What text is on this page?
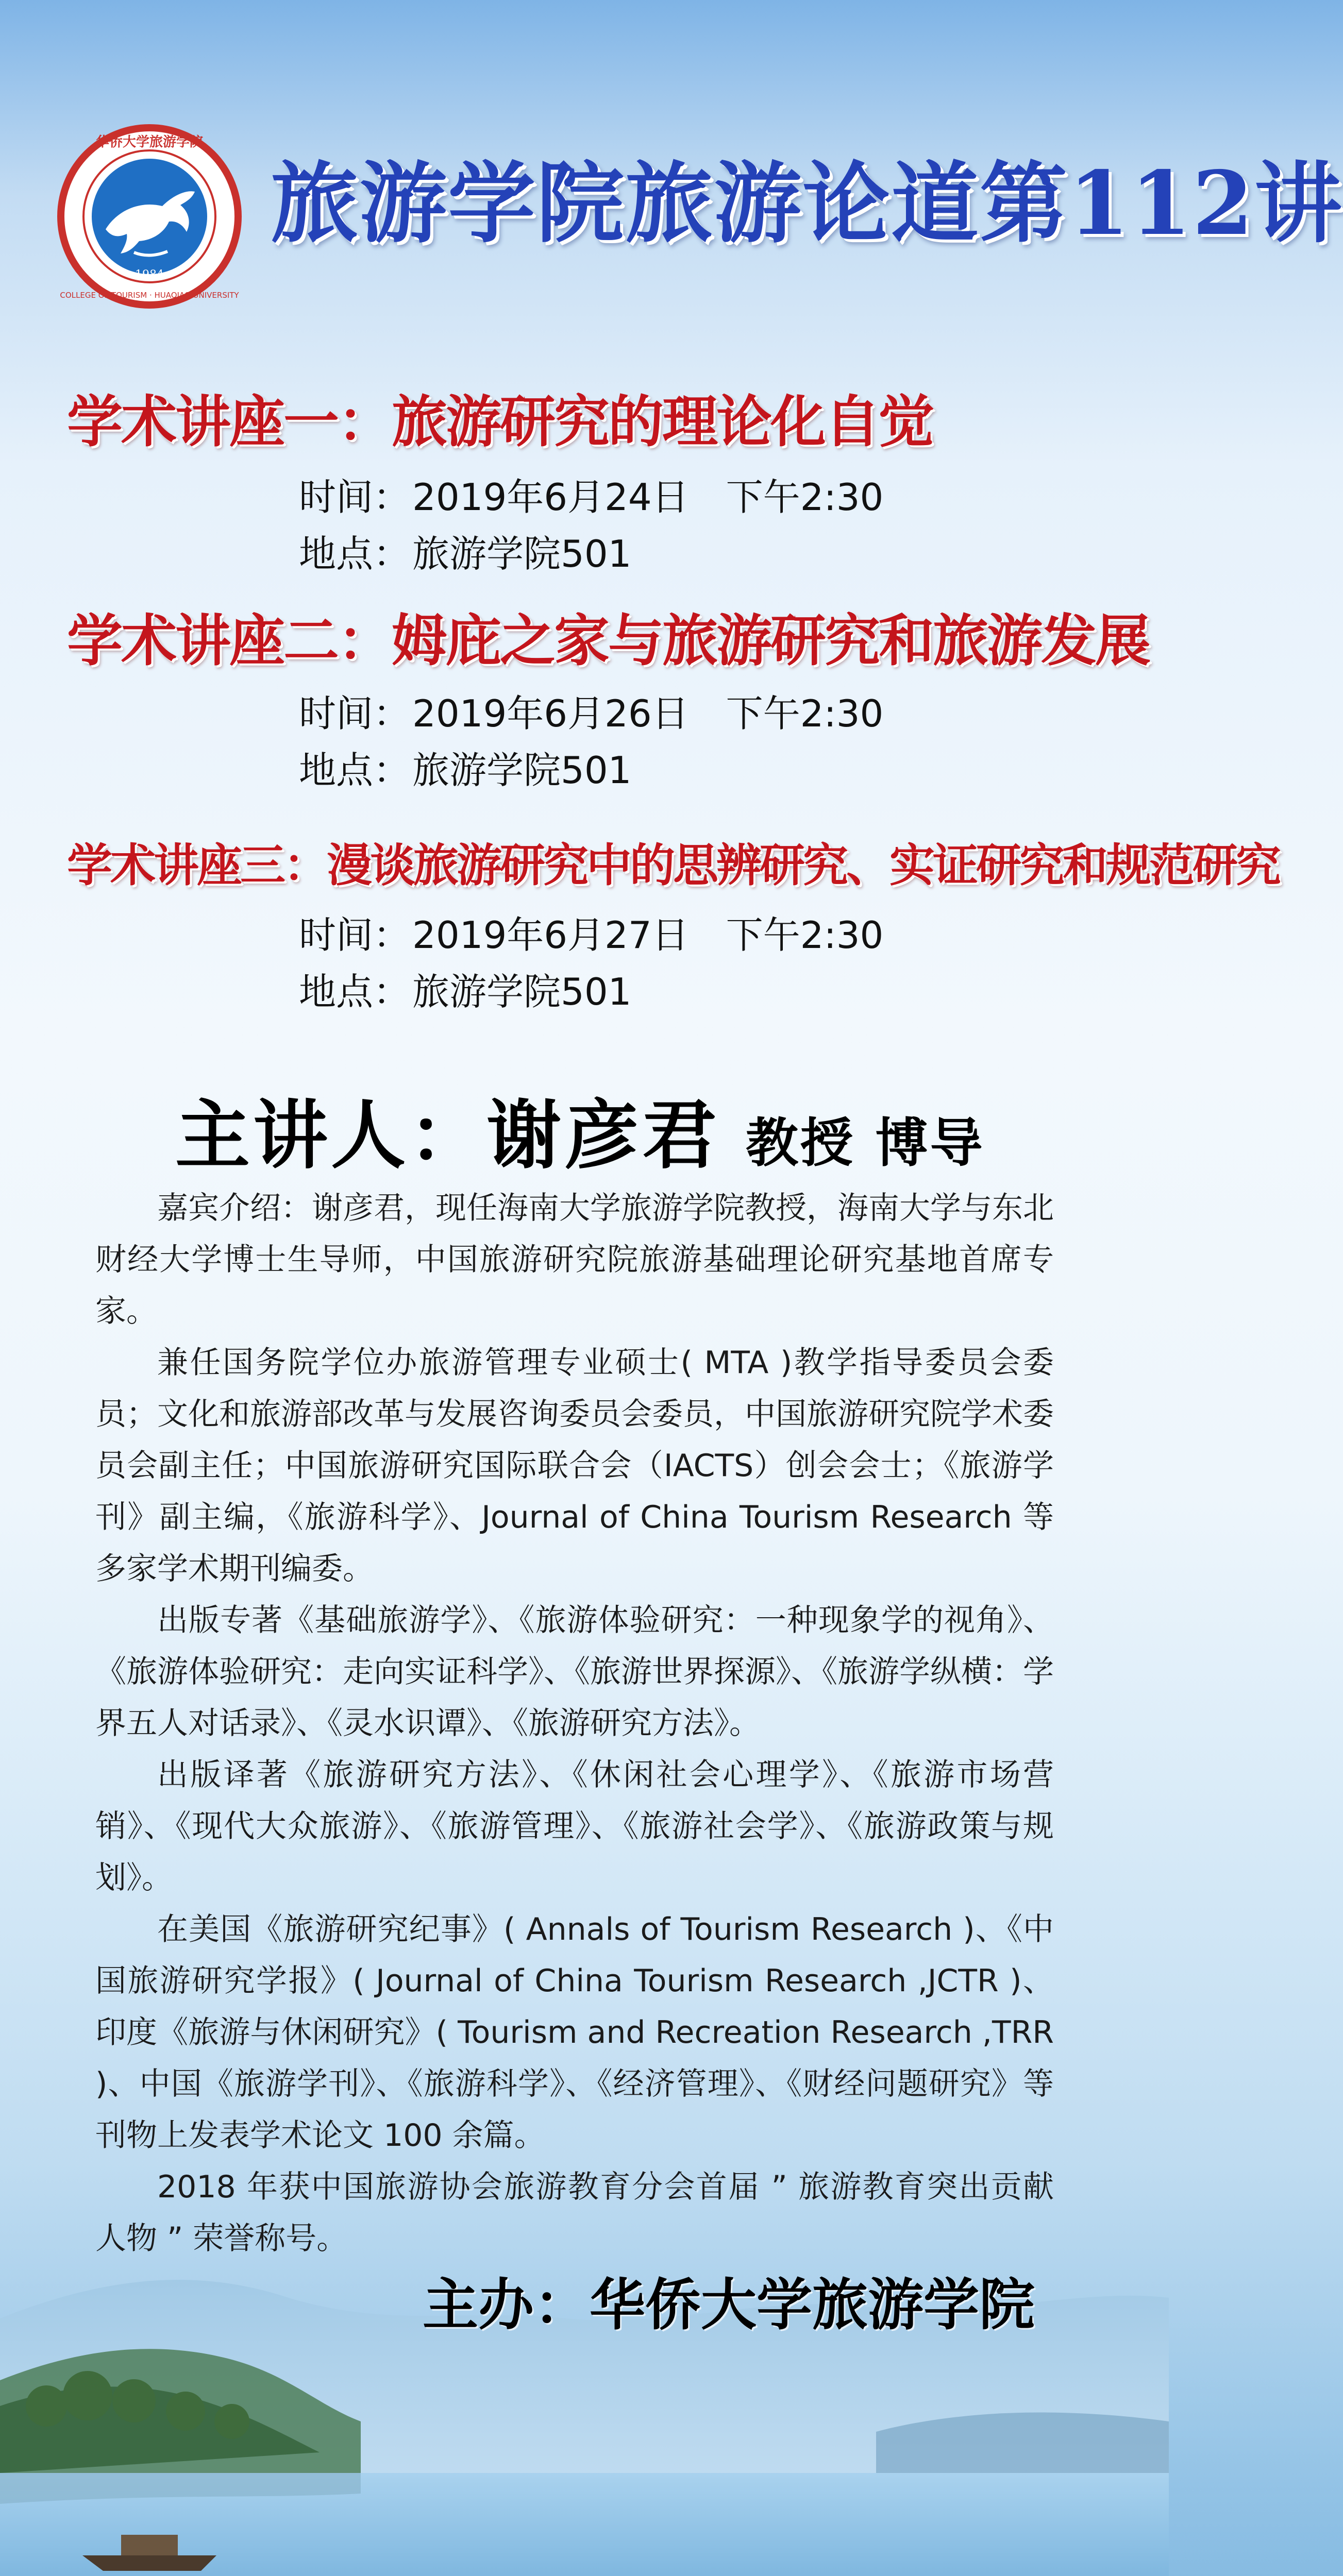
1984
华侨大学旅游学院
COLLEGE OF TOURISM · HUAQIAO UNIVERSITY
旅游学院旅游论道第112讲
学术讲座一：旅游研究的理论化自觉
时间：2019年6月24日　下午2:30
地点：旅游学院501
学术讲座二：姆庇之家与旅游研究和旅游发展
时间：2019年6月26日　下午2:30
地点：旅游学院501
学术讲座三：漫谈旅游研究中的思辨研究、实证研究和规范研究
时间：2019年6月27日　下午2:30
地点：旅游学院501
主讲人：谢彦君 教授 博导

嘉宾介绍：谢彦君，现任海南大学旅游学院教授，海南大学与东北财经大学博士生导师，中国旅游研究院旅游基础理论研究基地首席专家。

兼任国务院学位办旅游管理专业硕士( MTA )教学指导委员会委员；文化和旅游部改革与发展咨询委员会委员，中国旅游研究院学术委员会副主任；中国旅游研究国际联合会（IACTS）创会会士；《旅游学刊》副主编，《旅游科学》、Journal of China Tourism Research 等多家学术期刊编委。

出版专著《基础旅游学》、《旅游体验研究：一种现象学的视角》、《旅游体验研究：走向实证科学》、《旅游世界探源》、《旅游学纵横：学界五人对话录》、《灵水识谭》、《旅游研究方法》。

出版译著《旅游研究方法》、《休闲社会心理学》、《旅游市场营销》、《现代大众旅游》、《旅游管理》、《旅游社会学》、《旅游政策与规划》。

在美国《旅游研究纪事》( Annals of Tourism Research )、《中国旅游研究学报》( Journal of China Tourism Research ,JCTR )、印度《旅游与休闲研究》( Tourism and Recreation Research ,TRR )、中国《旅游学刊》、《旅游科学》、《经济管理》、《财经问题研究》等刊物上发表学术论文 100 余篇。

2018 年获中国旅游协会旅游教育分会首届 ” 旅游教育突出贡献人物 ” 荣誉称号。

主办：华侨大学旅游学院
